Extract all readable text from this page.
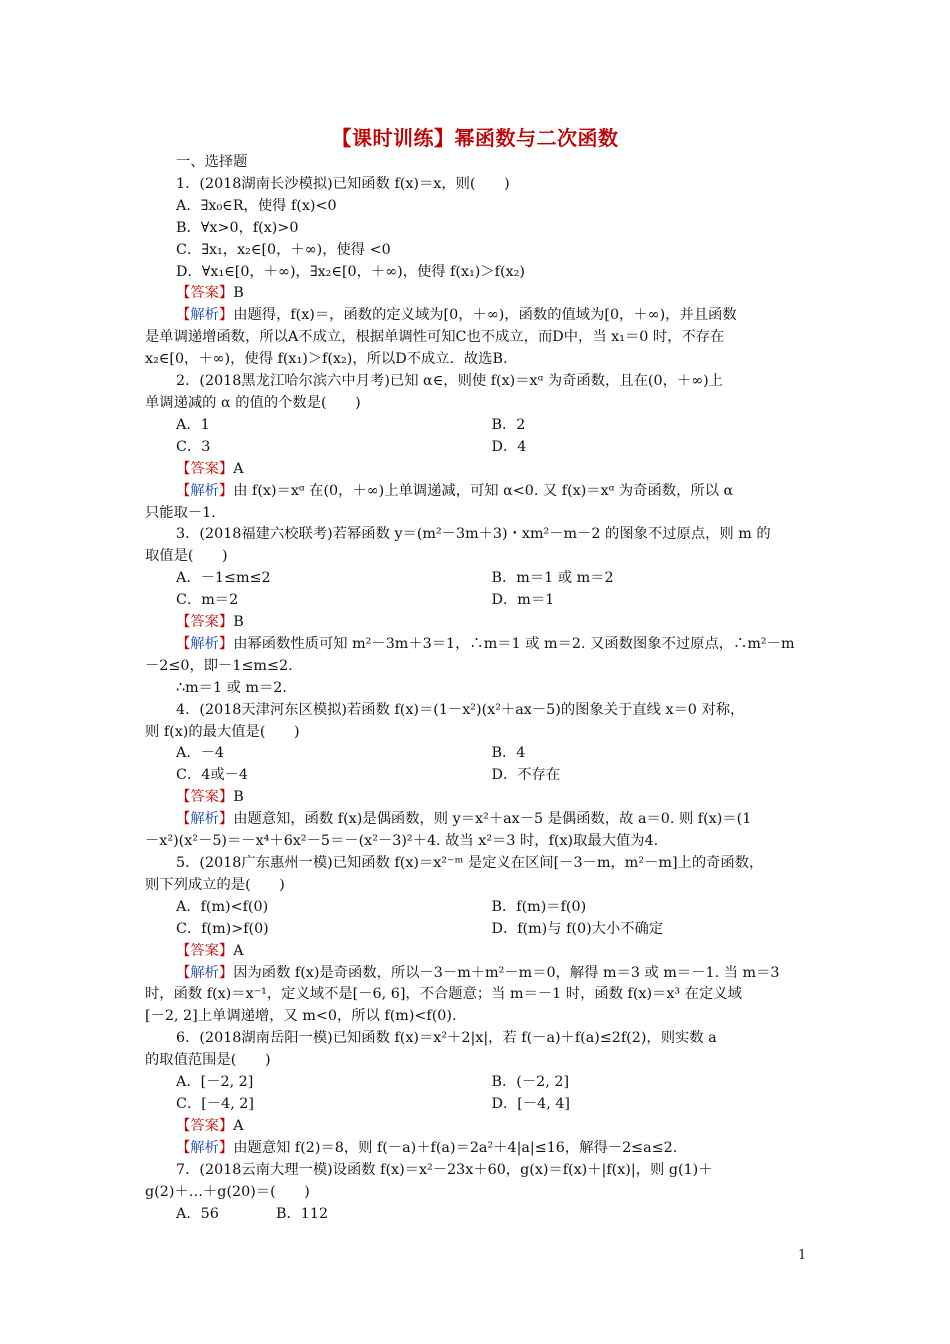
【课时训练】幂函数与二次函数
一、选择题
1．(2018湖南长沙模拟)已知函数 f(x)＝x，则(　　)
A．∃x₀∈R，使得 f(x)<0
B．∀x>0，f(x)>0
C．∃x₁，x₂∈[0，＋∞)，使得 <0
D．∀x₁∈[0，＋∞)，∃x₂∈[0，＋∞)，使得 f(x₁)＞f(x₂)
【答案】B
【解析】由题得，f(x)＝，函数的定义域为[0，＋∞)，函数的值域为[0，＋∞)，并且函数
是单调递增函数，所以A不成立，根据单调性可知C也不成立，而D中，当 x₁＝0 时，不存在
x₂∈[0，＋∞)，使得 f(x₁)＞f(x₂)，所以D不成立．故选B.
2．(2018黑龙江哈尔滨六中月考)已知 α∈，则使 f(x)＝xᵅ 为奇函数，且在(0，＋∞)上
单调递减的 α 的值的个数是(　　)
A．1	B．2
C．3	D．4
【答案】A
【解析】由 f(x)＝xᵅ 在(0，＋∞)上单调递减，可知 α<0. 又 f(x)＝xᵅ 为奇函数，所以 α
只能取－1.
3．(2018福建六校联考)若幂函数 y＝(m²－3m＋3)・xm²－m－2 的图象不过原点，则 m 的
取值是(　　)
A．－1≤m≤2	B．m＝1 或 m＝2
C．m＝2	D．m＝1
【答案】B
【解析】由幂函数性质可知 m²－3m＋3＝1，∴m＝1 或 m＝2. 又函数图象不过原点，∴m²－m
－2≤0，即－1≤m≤2.
∴m＝1 或 m＝2.
4．(2018天津河东区模拟)若函数 f(x)＝(1－x²)(x²＋ax－5)的图象关于直线 x＝0 对称，
则 f(x)的最大值是(　　)
A．－4	B．4
C．4或－4	D．不存在
【答案】B
【解析】由题意知，函数 f(x)是偶函数，则 y＝x²＋ax－5 是偶函数，故 a＝0. 则 f(x)＝(1
－x²)(x²－5)＝－x⁴＋6x²－5＝－(x²－3)²＋4. 故当 x²＝3 时，f(x)取最大值为4.
5．(2018广东惠州一模)已知函数 f(x)＝x²⁻ᵐ 是定义在区间[－3－m，m²－m]上的奇函数，
则下列成立的是(　　)
A．f(m)<f(0)	B．f(m)＝f(0)
C．f(m)>f(0)	D．f(m)与 f(0)大小不确定
【答案】A
【解析】因为函数 f(x)是奇函数，所以－3－m＋m²－m＝0，解得 m＝3 或 m＝－1. 当 m＝3
时，函数 f(x)＝x⁻¹，定义域不是[－6, 6]，不合题意；当 m＝－1 时，函数 f(x)＝x³ 在定义域
[－2, 2]上单调递增，又 m<0，所以 f(m)<f(0).
6．(2018湖南岳阳一模)已知函数 f(x)＝x²＋2|x|，若 f(－a)＋f(a)≤2f(2)，则实数 a
的取值范围是(　　)
A．[－2, 2]	B．(－2, 2]
C．[－4, 2]	D．[－4, 4]
【答案】A
【解析】由题意知 f(2)＝8，则 f(－a)＋f(a)＝2a²＋4|a|≤16，解得－2≤a≤2.
7．(2018云南大理一模)设函数 f(x)＝x²－23x＋60，g(x)＝f(x)＋|f(x)|，则 g(1)＋
g(2)＋…＋g(20)＝(　　)
A．56　　　　B．112
1
